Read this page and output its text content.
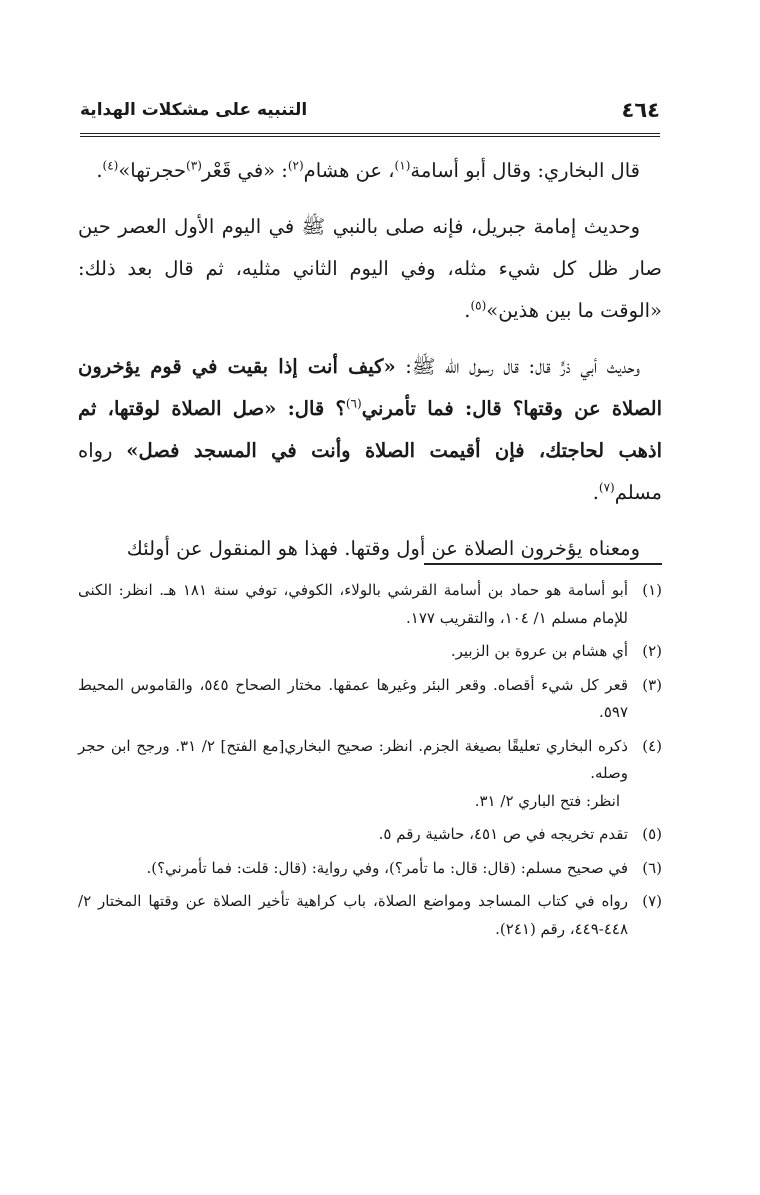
٤٦٤
التنبيه على مشكلات الهداية

قال البخاري: وقال أبو أسامة$^{(١)}$، عن هشام$^{(٢)}$: «في قَعْر$^{(٣)}$حجرتها»$^{(٤)}$.

وحديث إمامة جبريل، فإنه صلى بالنبي ﷺ في اليوم الأول العصر حين صار ظل كل شيء مثله، وفي اليوم الثاني مثليه، ثم قال بعد ذلك: «الوقت ما بين هذين»$^{(٥)}$.

وحديث أبي ذرٍّ قال: قال رسول الله ﷺ: «كيف أنت إذا بقيت في قوم يؤخرون الصلاة عن وقتها؟ قال: فما تأمرني$^{(٦)}$؟ قال: «صل الصلاة لوقتها، ثم اذهب لحاجتك، فإن أقيمت الصلاة وأنت في المسجد فصل» رواه مسلم$^{(٧)}$.

ومعناه يؤخرون الصلاة عن أول وقتها. فهذا هو المنقول عن أولئك

(١)
أبو أسامة هو حماد بن أسامة القرشي بالولاء، الكوفي، توفي سنة ١٨١ هـ. انظر: الكنى للإمام مسلم ١/ ١٠٤، والتقريب ١٧٧.
(٢)
أي هشام بن عروة بن الزبير.
(٣)
قعر كل شيء أقصاه. وقعر البئر وغيرها عمقها. مختار الصحاح ٥٤٥، والقاموس المحيط ٥٩٧.
(٤)
ذكره البخاري تعليقًا بصيغة الجزم. انظر: صحيح البخاري[مع الفتح] ٢/ ٣١. ورجح ابن حجر وصله.
انظر: فتح الباري ٢/ ٣١.
(٥)
تقدم تخريجه في ص ٤٥١، حاشية رقم ٥.
(٦)
في صحيح مسلم: (قال: قال: ما تأمر؟)، وفي رواية: (قال: قلت: فما تأمرني؟).
(٧)
رواه في كتاب المساجد ومواضع الصلاة، باب كراهية تأخير الصلاة عن وقتها المختار ٢/ ٤٤٨-٤٤٩، رقم (٢٤١).
